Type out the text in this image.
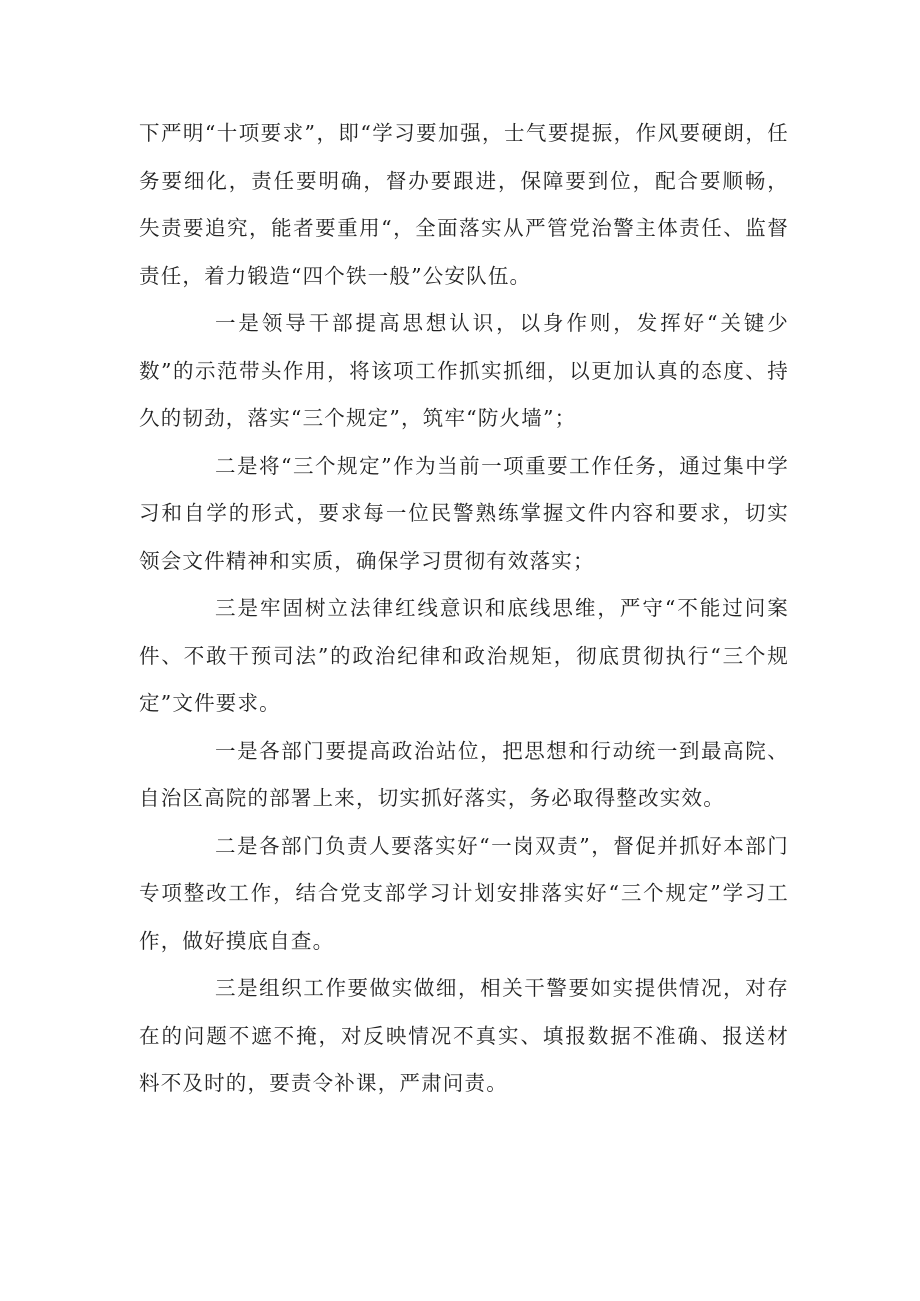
下严明“十项要求”，即“学习要加强，士气要提振，作风要硬朗，任务要细化，责任要明确，督办要跟进，保障要到位，配合要顺畅，失责要追究，能者要重用“，全面落实从严管党治警主体责任、监督责任，着力锻造“四个铁一般”公安队伍。

一是领导干部提高思想认识，以身作则，发挥好“关键少数”的示范带头作用，将该项工作抓实抓细，以更加认真的态度、持久的韧劲，落实“三个规定”，筑牢“防火墙”；

二是将“三个规定”作为当前一项重要工作任务，通过集中学习和自学的形式，要求每一位民警熟练掌握文件内容和要求，切实领会文件精神和实质，确保学习贯彻有效落实；

三是牢固树立法律红线意识和底线思维，严守“不能过问案件、不敢干预司法”的政治纪律和政治规矩，彻底贯彻执行“三个规定”文件要求。

一是各部门要提高政治站位，把思想和行动统一到最高院、自治区高院的部署上来，切实抓好落实，务必取得整改实效。

二是各部门负责人要落实好“一岗双责”，督促并抓好本部门专项整改工作，结合党支部学习计划安排落实好“三个规定”学习工作，做好摸底自查。

三是组织工作要做实做细，相关干警要如实提供情况，对存在的问题不遮不掩，对反映情况不真实、填报数据不准确、报送材料不及时的，要责令补课，严肃问责。
